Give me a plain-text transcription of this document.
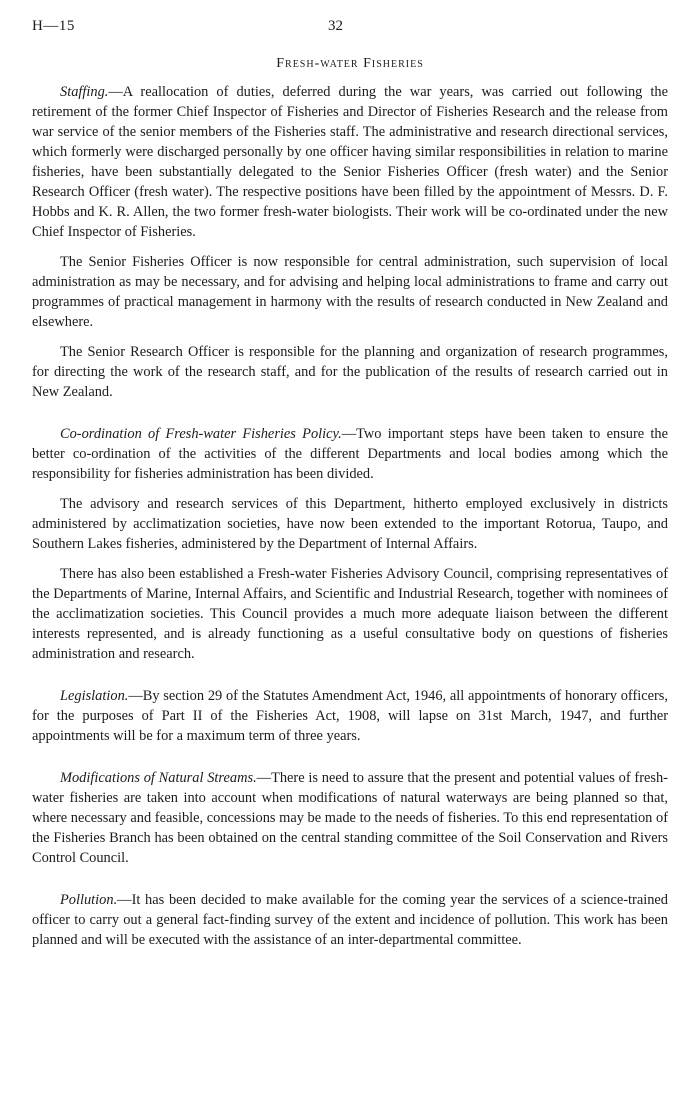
H—15	32
Fresh-water Fisheries

Staffing.—A reallocation of duties, deferred during the war years, was carried out following the retirement of the former Chief Inspector of Fisheries and Director of Fisheries Research and the release from war service of the senior members of the Fisheries staff. The administrative and research directional services, which formerly were discharged personally by one officer having similar responsibilities in relation to marine fisheries, have been substantially delegated to the Senior Fisheries Officer (fresh water) and the Senior Research Officer (fresh water). The respective positions have been filled by the appointment of Messrs. D. F. Hobbs and K. R. Allen, the two former fresh-water biologists. Their work will be co-ordinated under the new Chief Inspector of Fisheries.

The Senior Fisheries Officer is now responsible for central administration, such supervision of local administration as may be necessary, and for advising and helping local administrations to frame and carry out programmes of practical management in harmony with the results of research conducted in New Zealand and elsewhere.

The Senior Research Officer is responsible for the planning and organization of research programmes, for directing the work of the research staff, and for the publication of the results of research carried out in New Zealand.

Co-ordination of Fresh-water Fisheries Policy.—Two important steps have been taken to ensure the better co-ordination of the activities of the different Departments and local bodies among which the responsibility for fisheries administration has been divided.

The advisory and research services of this Department, hitherto employed exclusively in districts administered by acclimatization societies, have now been extended to the important Rotorua, Taupo, and Southern Lakes fisheries, administered by the Department of Internal Affairs.

There has also been established a Fresh-water Fisheries Advisory Council, comprising representatives of the Departments of Marine, Internal Affairs, and Scientific and Industrial Research, together with nominees of the acclimatization societies. This Council provides a much more adequate liaison between the different interests represented, and is already functioning as a useful consultative body on questions of fisheries administration and research.

Legislation.—By section 29 of the Statutes Amendment Act, 1946, all appointments of honorary officers, for the purposes of Part II of the Fisheries Act, 1908, will lapse on 31st March, 1947, and further appointments will be for a maximum term of three years.

Modifications of Natural Streams.—There is need to assure that the present and potential values of fresh-water fisheries are taken into account when modifications of natural waterways are being planned so that, where necessary and feasible, concessions may be made to the needs of fisheries. To this end representation of the Fisheries Branch has been obtained on the central standing committee of the Soil Conservation and Rivers Control Council.

Pollution.—It has been decided to make available for the coming year the services of a science-trained officer to carry out a general fact-finding survey of the extent and incidence of pollution. This work has been planned and will be executed with the assistance of an inter-departmental committee.
